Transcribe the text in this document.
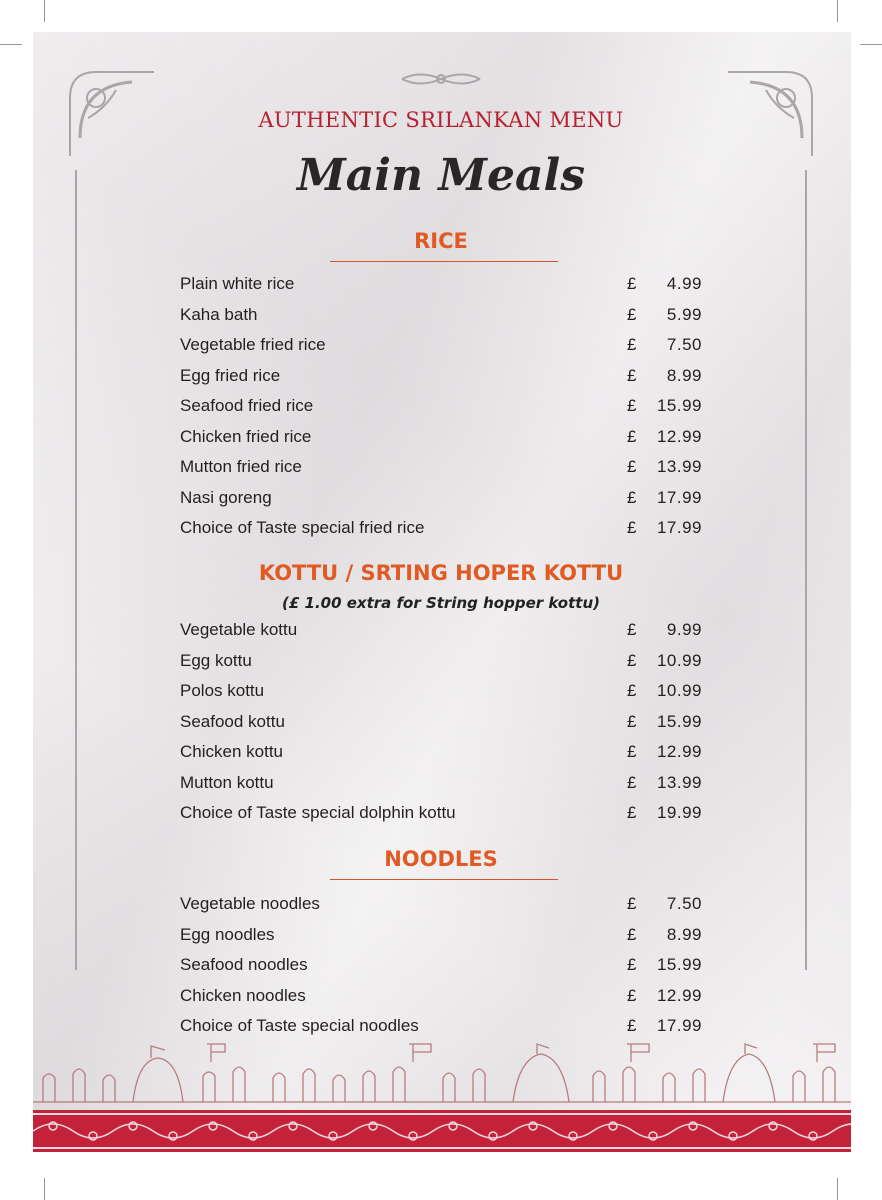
AUTHENTIC SRILANKAN MENU
Main Meals
RICE
Plain white rice	£ 4.99
Kaha bath	£ 5.99
Vegetable fried rice	£ 7.50
Egg fried rice	£ 8.99
Seafood fried rice	£ 15.99
Chicken fried rice	£ 12.99
Mutton fried rice	£ 13.99
Nasi goreng	£ 17.99
Choice of Taste special fried rice	£ 17.99
KOTTU / SRTING HOPER KOTTU
(£ 1.00 extra for String hopper kottu)
Vegetable kottu	£ 9.99
Egg kottu	£ 10.99
Polos kottu	£ 10.99
Seafood kottu	£ 15.99
Chicken kottu	£ 12.99
Mutton kottu	£ 13.99
Choice of Taste special dolphin kottu	£ 19.99
NOODLES
Vegetable noodles	£ 7.50
Egg noodles	£ 8.99
Seafood noodles	£ 15.99
Chicken noodles	£ 12.99
Choice of Taste special noodles	£ 17.99
